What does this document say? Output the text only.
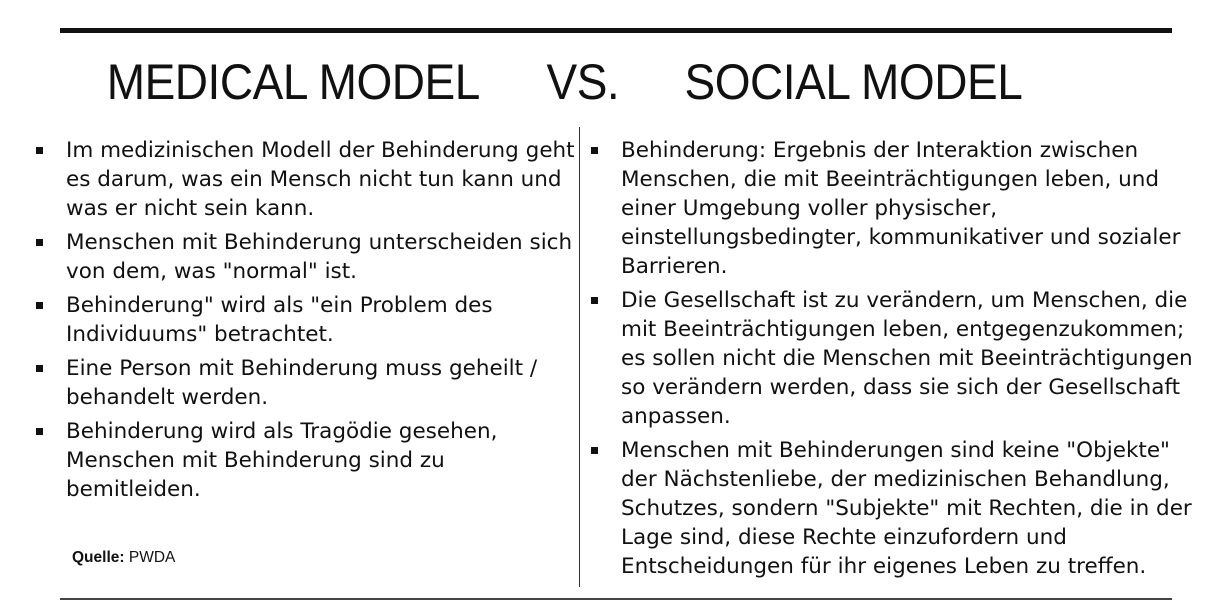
MEDICAL MODEL VS. SOCIAL MODEL
Im medizinischen Modell der Behinderung geht es darum, was ein Mensch nicht tun kann und was er nicht sein kann.
Menschen mit Behinderung unterscheiden sich von dem, was "normal" ist.
Behinderung" wird als "ein Problem des Individuums" betrachtet.
Eine Person mit Behinderung muss geheilt / behandelt werden.
Behinderung wird als Tragödie gesehen, Menschen mit Behinderung sind zu bemitleiden.
Behinderung: Ergebnis der Interaktion zwischen Menschen, die mit Beeinträchtigungen leben, und einer Umgebung voller physischer, einstellungsbedingter, kommunikativer und sozialer Barrieren.
Die Gesellschaft ist zu verändern, um Menschen, die mit Beeinträchtigungen leben, entgegenzukommen; es sollen nicht die Menschen mit Beeinträchtigungen so verändern werden, dass sie sich der Gesellschaft anpassen.
Menschen mit Behinderungen sind keine "Objekte" der Nächstenliebe, der medizinischen Behandlung, Schutzes, sondern "Subjekte" mit Rechten, die in der Lage sind, diese Rechte einzufordern und Entscheidungen für ihr eigenes Leben zu treffen.
Quelle: PWDA
